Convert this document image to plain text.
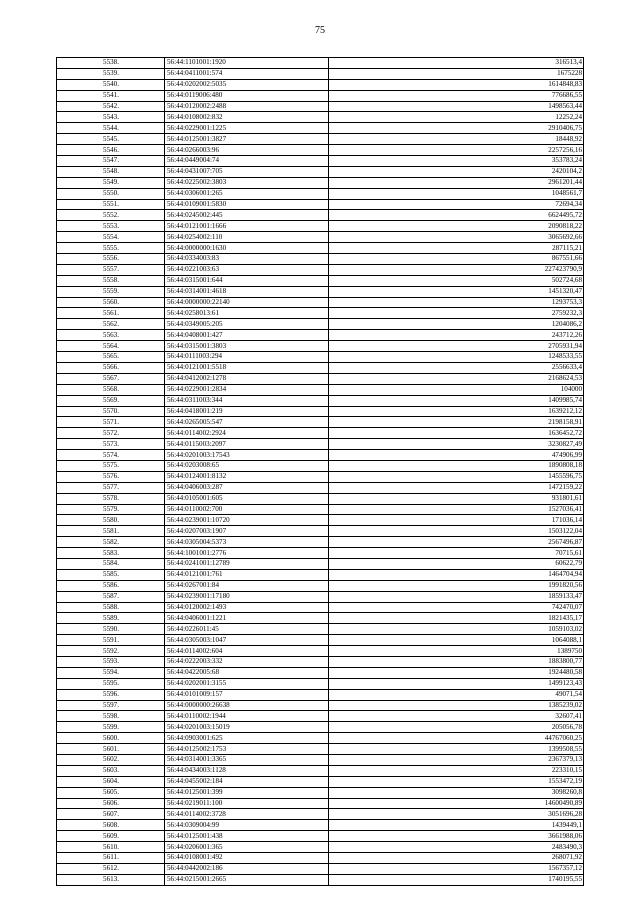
75
5538.	56:44:1101001:1920	316513,4
5539.	56:44:0411001:574	1675228
5540.	56:44:0202002:5035	1614848,83
5541.	56:44:0119006:480	776686,55
5542.	56:44:0120002:2488	1498563,44
5543.	56:44:0108002:832	12252,24
5544.	56:44:0229001:1225	2910406,75
5545.	56:44:0125001:3827	18448,92
5546.	56:44:0266003:96	2257256,16
5547.	56:44:0449004:74	353783,24
5548.	56:44:0431007:705	2420104,2
5549.	56:44:0225002:3803	2961201,44
5550.	56:44:0306001:265	1048561,7
5551.	56:44:0109001:5830	72694,34
5552.	56:44:0245002:445	6624495,72
5553.	56:44:0121001:1666	2090818,22
5554.	56:44:0254002:110	3065692,66
5555.	56:44:0000000:1630	287115,21
5556.	56:44:0334003:83	867551,66
5557.	56:44:0221003:63	227423790,9
5558.	56:44:0315001:644	502724,68
5559.	56:44:0314001:4618	1451320,47
5560.	56:44:0000000:22140	1293753,3
5561.	56:44:0258013:61	2759232,3
5562.	56:44:0349005:205	1204086,2
5563.	56:44:0408001:427	243712,26
5564.	56:44:0315001:3803	2705931,94
5565.	56:44:0111003:294	1248533,55
5566.	56:44:0121001:5518	2556633,4
5567.	56:44:0412002:1278	2168624,53
5568.	56:44:0229001:2834	104000
5569.	56:44:0311003:344	1409985,74
5570.	56:44:0418001:219	1639212,12
5571.	56:44:0265005:547	2198158,91
5572.	56:44:0114002:2924	1636452,72
5573.	56:44:0115003:2097	3230827,49
5574.	56:44:0201003:17543	474906,99
5575.	56:44:0203008:65	1890808,18
5576.	56:44:0124001:8132	1455596,75
5577.	56:44:0406003:287	1472159,22
5578.	56:44:0105001:605	931801,61
5579.	56:44:0110002:700	1527036,41
5580.	56:44:0239001:10720	171036,14
5581.	56:44:0207003:1907	1503122,04
5582.	56:44:0305004:5373	2567496,87
5583.	56:44:1001001:2776	70715,61
5584.	56:44:0241001:12789	60622,79
5585.	56:44:0121001:761	1464704,94
5586.	56:44:0267001:84	1991820,56
5587.	56:44:0239001:17180	1859133,47
5588.	56:44:0120002:1493	742470,07
5589.	56:44:0406001:1221	1821435,17
5590.	56:44:0226011:45	1059103,02
5591.	56:44:0305003:1047	1064088,1
5592.	56:44:0114002:604	1389750
5593.	56:44:0222003:332	1883800,77
5594.	56:44:0422005:68	1924480,58
5595.	56:44:0202001:3155	1499123,43
5596.	56:44:0101009:157	49071,54
5597.	56:44:0000000:26638	1385239,02
5598.	56:44:0110002:1944	32607,41
5599.	56:44:0201003:15019	205056,78
5600.	56:44:0903001:625	44767060,25
5601.	56:44:0125002:1753	1399508,55
5602.	56:44:0314001:3365	2367379,13
5603.	56:44:0434003:1128	223310,15
5604.	56:44:0455002:184	1553472,19
5605.	56:44:0125001:399	3098260,8
5606.	56:44:0219011:100	14600490,89
5607.	56:44:0114002:3728	3051696,28
5608.	56:44:0309004:99	1439449,1
5609.	56:44:0125001:438	3661988,06
5610.	56:44:0206001:365	2483490,3
5611.	56:44:0108001:492	268071,92
5612.	56:44:0442002:186	1567357,12
5613.	56:44:0215001:2665	1740195,55
